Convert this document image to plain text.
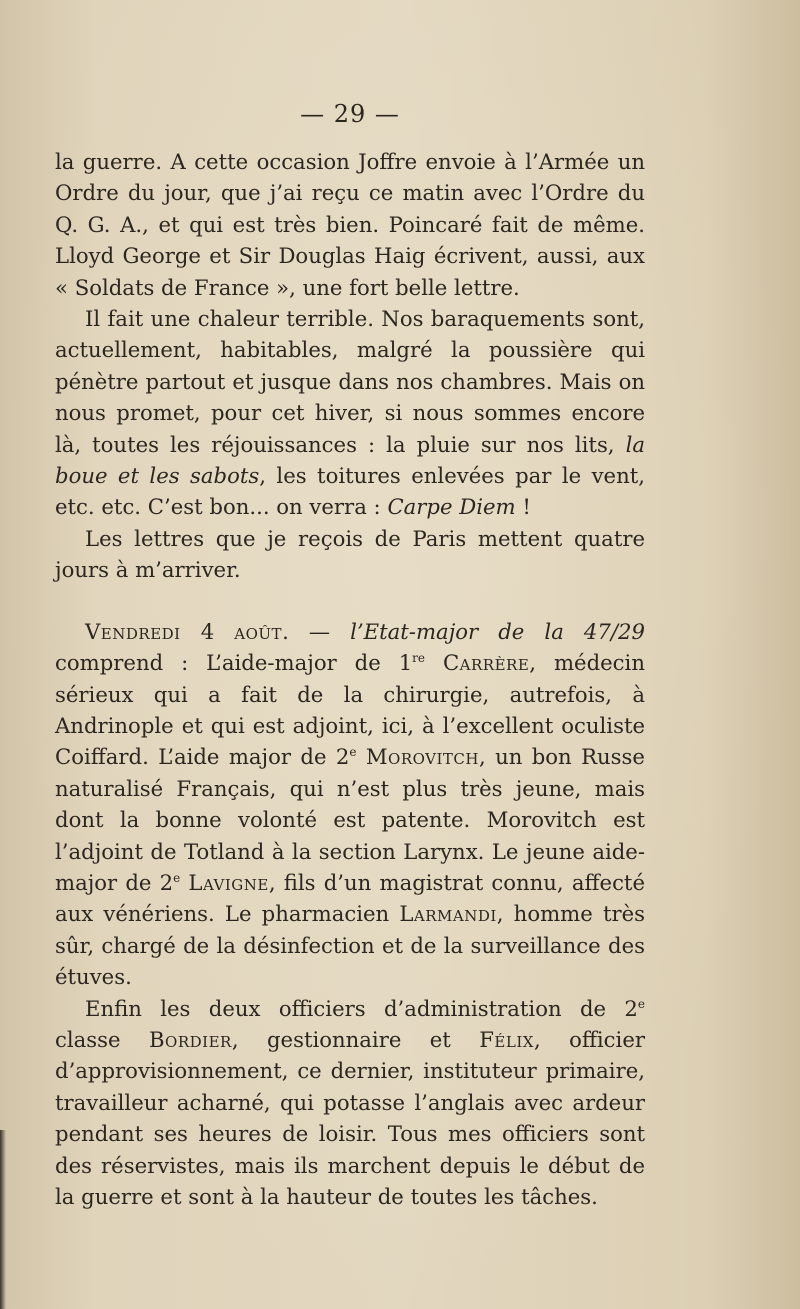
— 29 —

la guerre. A cette occasion Joffre envoie à l’Armée un Ordre du jour, que j’ai reçu ce matin avec l’Ordre du Q. G. A., et qui est très bien. Poincaré fait de même. Lloyd George et Sir Douglas Haig écrivent, aussi, aux « Soldats de France », une fort belle lettre.

Il fait une chaleur terrible. Nos baraquements sont, actuellement, habitables, malgré la poussière qui pénètre partout et jusque dans nos chambres. Mais on nous promet, pour cet hiver, si nous sommes encore là, toutes les réjouissances : la pluie sur nos lits, la boue et les sabots, les toitures enlevées par le vent, etc. etc. C’est bon... on verra : Carpe Diem !

Les lettres que je reçois de Paris mettent quatre jours à m’arriver.

Vendredi 4 août. — l’Etat-major de la 47/29 comprend : L’aide-major de 1re Carrère, médecin sérieux qui a fait de la chirurgie, autrefois, à Andrinople et qui est adjoint, ici, à l’excellent oculiste Coiffard. L’aide major de 2e Morovitch, un bon Russe naturalisé Français, qui n’est plus très jeune, mais dont la bonne volonté est patente. Morovitch est l’adjoint de Totland à la section Larynx. Le jeune aide-major de 2e Lavigne, fils d’un magistrat connu, affecté aux vénériens. Le pharmacien Larmandi, homme très sûr, chargé de la désinfection et de la surveillance des étuves.

Enfin les deux officiers d’administration de 2e classe Bordier, gestionnaire et Félix, officier d’approvisionnement, ce dernier, instituteur primaire, travailleur acharné, qui potasse l’anglais avec ardeur pendant ses heures de loisir. Tous mes officiers sont des réservistes, mais ils marchent depuis le début de la guerre et sont à la hauteur de toutes les tâches.
